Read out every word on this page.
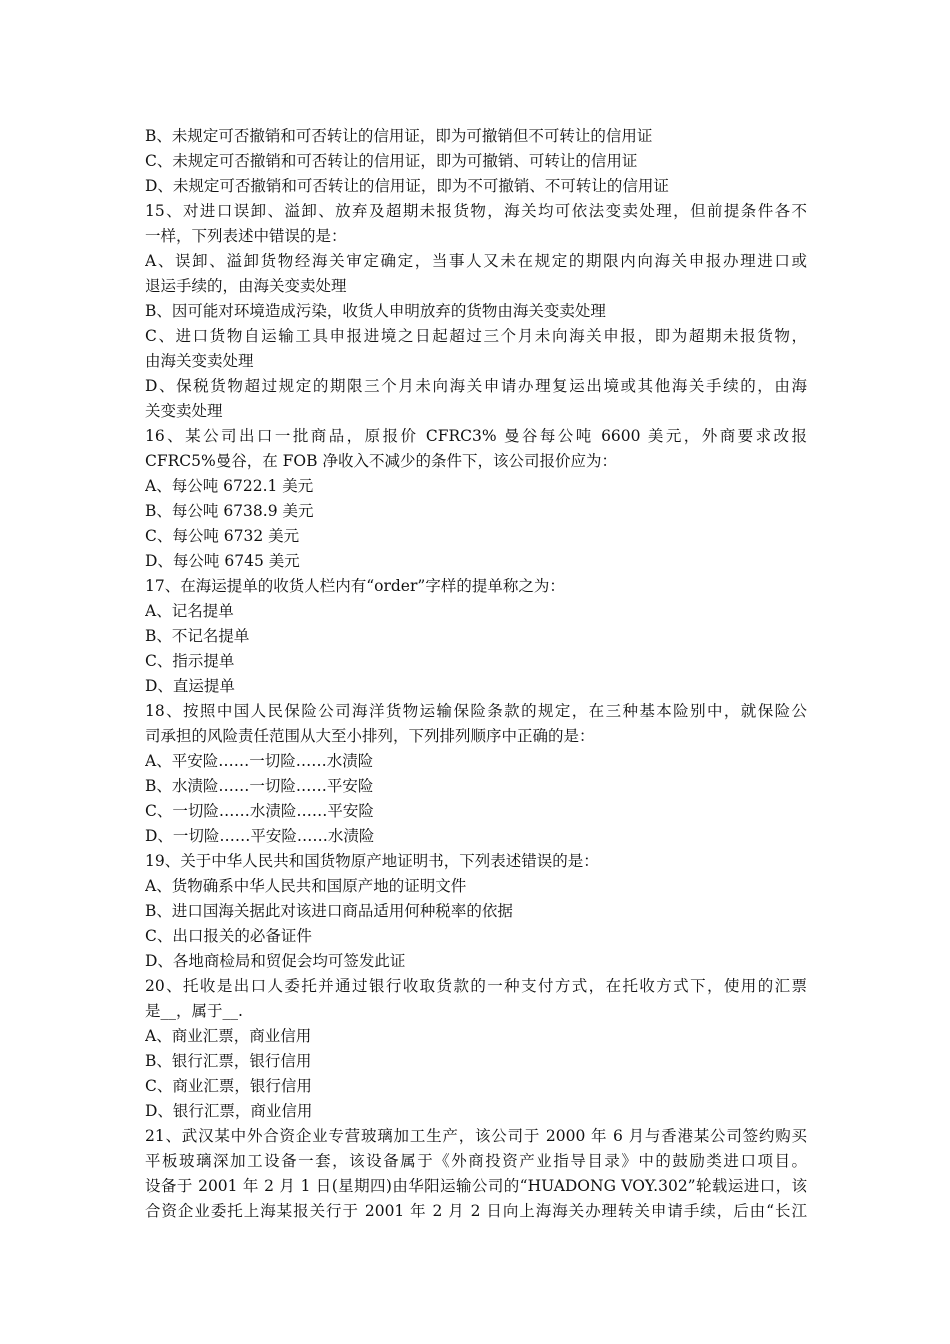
B、未规定可否撤销和可否转让的信用证，即为可撤销但不可转让的信用证
C、未规定可否撤销和可否转让的信用证，即为可撤销、可转让的信用证
D、未规定可否撤销和可否转让的信用证，即为不可撤销、不可转让的信用证
15、对进口误卸、溢卸、放弃及超期未报货物，海关均可依法变卖处理，但前提条件各不
一样，下列表述中错误的是：
A、误卸、溢卸货物经海关审定确定，当事人又未在规定的期限内向海关申报办理进口或
退运手续的，由海关变卖处理
B、因可能对环境造成污染，收货人申明放弃的货物由海关变卖处理
C、进口货物自运输工具申报进境之日起超过三个月未向海关申报，即为超期未报货物，
由海关变卖处理
D、保税货物超过规定的期限三个月未向海关申请办理复运出境或其他海关手续的，由海
关变卖处理
16、某公司出口一批商品，原报价 CFRC3% 曼谷每公吨 6600 美元，外商要求改报
CFRC5%曼谷，在 FOB 净收入不减少的条件下，该公司报价应为：
A、每公吨 6722.1 美元
B、每公吨 6738.9 美元
C、每公吨 6732 美元
D、每公吨 6745 美元
17、在海运提单的收货人栏内有“order”字样的提单称之为：
A、记名提单
B、不记名提单
C、指示提单
D、直运提单
18、按照中国人民保险公司海洋货物运输保险条款的规定，在三种基本险别中，就保险公
司承担的风险责任范围从大至小排列，下列排列顺序中正确的是：
A、平安险……一切险……水渍险
B、水渍险……一切险……平安险
C、一切险……水渍险……平安险
D、一切险……平安险……水渍险
19、关于中华人民共和国货物原产地证明书，下列表述错误的是：
A、货物确系中华人民共和国原产地的证明文件
B、进口国海关据此对该进口商品适用何种税率的依据
C、出口报关的必备证件
D、各地商检局和贸促会均可签发此证
20、托收是出口人委托并通过银行收取货款的一种支付方式，在托收方式下，使用的汇票
是__，属于__.
A、商业汇票，商业信用
B、银行汇票，银行信用
C、商业汇票，银行信用
D、银行汇票，商业信用
21、武汉某中外合资企业专营玻璃加工生产，该公司于 2000 年 6 月与香港某公司签约购买
平板玻璃深加工设备一套，该设备属于《外商投资产业指导目录》中的鼓励类进口项目。
设备于 2001 年 2 月 1 日(星期四)由华阳运输公司的“HUADONG VOY.302”轮载运进口，该
合资企业委托上海某报关行于 2001 年 2 月 2 日向上海海关办理转关申请手续，后由“长江
